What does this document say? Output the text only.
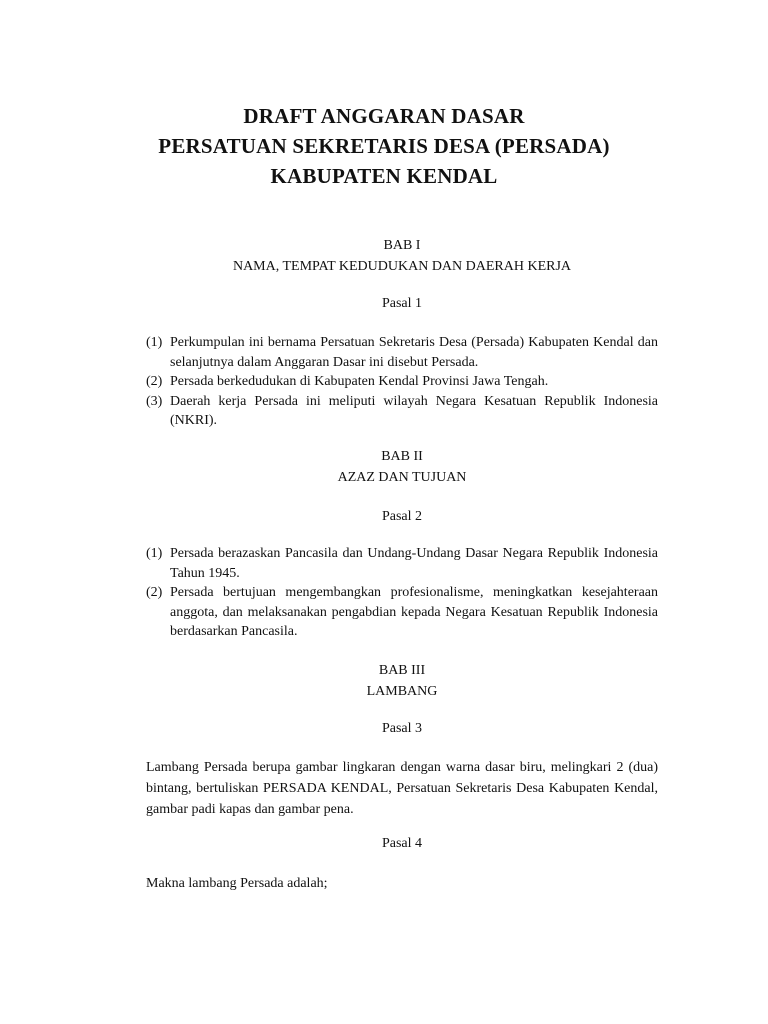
DRAFT ANGGARAN DASAR
PERSATUAN SEKRETARIS DESA (PERSADA)
KABUPATEN KENDAL
BAB I
NAMA, TEMPAT KEDUDUKAN DAN DAERAH KERJA
Pasal 1
(1) Perkumpulan ini bernama Persatuan Sekretaris Desa (Persada) Kabupaten Kendal dan selanjutnya dalam Anggaran Dasar ini disebut Persada.
(2) Persada berkedudukan di Kabupaten Kendal Provinsi Jawa Tengah.
(3) Daerah kerja Persada ini meliputi wilayah Negara Kesatuan Republik Indonesia (NKRI).
BAB II
AZAZ DAN TUJUAN
Pasal 2
(1) Persada berazaskan Pancasila dan Undang-Undang Dasar Negara Republik Indonesia Tahun 1945.
(2) Persada bertujuan mengembangkan profesionalisme, meningkatkan kesejahteraan anggota, dan melaksanakan pengabdian kepada Negara Kesatuan Republik Indonesia berdasarkan Pancasila.
BAB III
LAMBANG
Pasal 3

Lambang Persada berupa gambar lingkaran dengan warna dasar biru, melingkari 2 (dua) bintang, bertuliskan PERSADA KENDAL, Persatuan Sekretaris Desa Kabupaten Kendal, gambar padi kapas dan gambar pena.

Pasal 4

Makna lambang Persada adalah;
